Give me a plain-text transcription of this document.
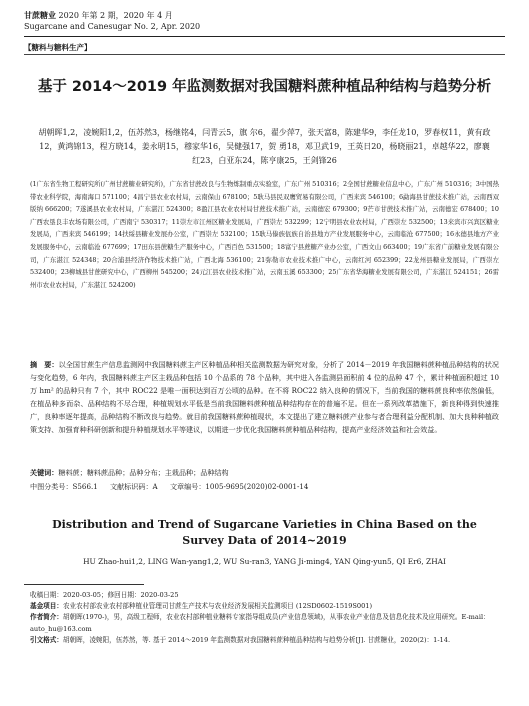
甘蔗糖业 2020 年第 2 期，2020 年 4 月
Sugarcane and Canesugar No. 2, Apr. 2020
【糖料与糖料生产】
基于 2014～2019 年监测数据对我国糖料蔗种植品种结构与趋势分析
胡朝晖1,2，凌婉阳1,2，伍苏然3，杨继铭4，闫青云5，旗 尔6，翟少萍7，张天富8，陈建华9，李任龙10，罗春权11，黄有政12，黄鸿锦13，程方晓14，姜永明15，穆家华16，吴健强17，贺 勇18，邓卫武19，王英日20，杨晓丽21，卓越华22，廖襄红23，白亚东24，陈亨康25，王剑锋26
(1广东省生物工程研究所(广州甘蔗糖业研究所)，广东省甘蔗改良与生物炼制重点实验室，广东广州 510316；2全国甘蔗糖业信息中心，广东广州 510316；3中国热带农业科学院，海南海口 571100；4昌宁县农业农村局，云南保山 678100；5耿马县民双鹰贸易有限公司，广西来宾 546100；6勐海县甘蔗技术推广站，云南西双版纳 666200；7遂溪县农业农村局，广东湛江 524300；8盈江县农业农村局甘蔗技术推广站，云南德宏 679300；9芒市甘蔗技术推广站，云南德宏 678400；10广西农垦良丰农场有限公司，广西南宁 530317；11崇左市江州区糖业发展局，广西崇左 532299；12宁明县农业农村局，广西崇左 532500；13来宾市兴宾区糖业发展局，广西来宾 546199；14扶绥县糖业发展办公室，广西崇左 532100；15耿马傣族佤族自治县地方产业发展服务中心，云南临沧 677500；16永德县地方产业发展服务中心，云南临沧 677699；17田东县蔗糖生产服务中心，广西百色 531500；18富宁县蔗糖产业办公室，广西文山 663400；19广东省广前糖业发展有限公司，广东湛江 524348；20合浦县经济作物技术推广站，广西北海 536100；21弥勒市农业技术推广中心，云南红河 652399；22龙州县糖业发展局，广西崇左 532400；23柳城县甘蔗研究中心，广西柳州 545200；24元江县农业技术推广站，云南玉溪 653300；25广东省华海糖业发展有限公司，广东湛江 524151；26雷州市农业农村局，广东湛江 524200)
摘　要：以全国甘蔗生产信息监测网中我国糖料蔗主产区种植品种相关监测数据为研究对象，分析了 2014－2019 年我国糖料蔗种植品种结构的状况与变化趋势，6 年内，我国糖料蔗主产区主栽品种包括 10 个品系的 78 个品种，其中进入各监测县面积前 4 位的品种 47 个，累计种植面积超过 10 万 hm² 的品种只有 7 个，其中 ROC22 是唯一面积达到百万公顷的品种。在不将 ROC22 纳入良种的情况下，当前我国的糖料蔗良种率依然偏低，在植品种多而杂、品种结构不尽合理，种植规划水平低是当前我国糖料蔗种植品种结构存在的普遍不足。但在一系列改革措施下，新良种得到快速推广，良种率逐年提高，品种结构不断改良与趋势。就目前我国糖料蔗种植现状，本文提出了建立糖料蔗产业参与者合理利益分配机制、加大良种种植政策支持、加强育种科研创新和提升种植规划水平等建议，以期进一步优化我国糖料蔗种植品种结构，提高产业经济效益和社会效益。
关键词：糖料蔗；糖料蔗品种；品种分布；主栽品种；品种结构
中图分类号：S566.1 文献标识码：A 文章编号：1005-9695(2020)02-0001-14
Distribution and Trend of Sugarcane Varieties in China Based on the Survey Data of 2014~2019
HU Zhao-hui1,2, LING Wan-yang1,2, WU Su-ran3, YANG Ji-ming4, YAN Qing-yun5, QI Er6, ZHAI
收稿日期：2020-03-05；修回日期：2020-03-25
基金项目：农业农村部农业农村部种植业管理司甘蔗生产技术与农业经济发展相关监测项目 (12SD0602-1519S001)
作者简介：胡朝晖(1970-)，男，高级工程师，农业农村部种植业糖料专家指导组成员(产业信息领域)，从事农业产业信息及信息化技术及应用研究。E-mail：auto_hu@163.com
引文格式：胡朝晖，凌婉阳，伍苏然，等. 基于 2014～2019 年监测数据对我国糖料蔗种植品种结构与趋势分析[J]. 甘蔗糖业，2020(2)：1-14.
